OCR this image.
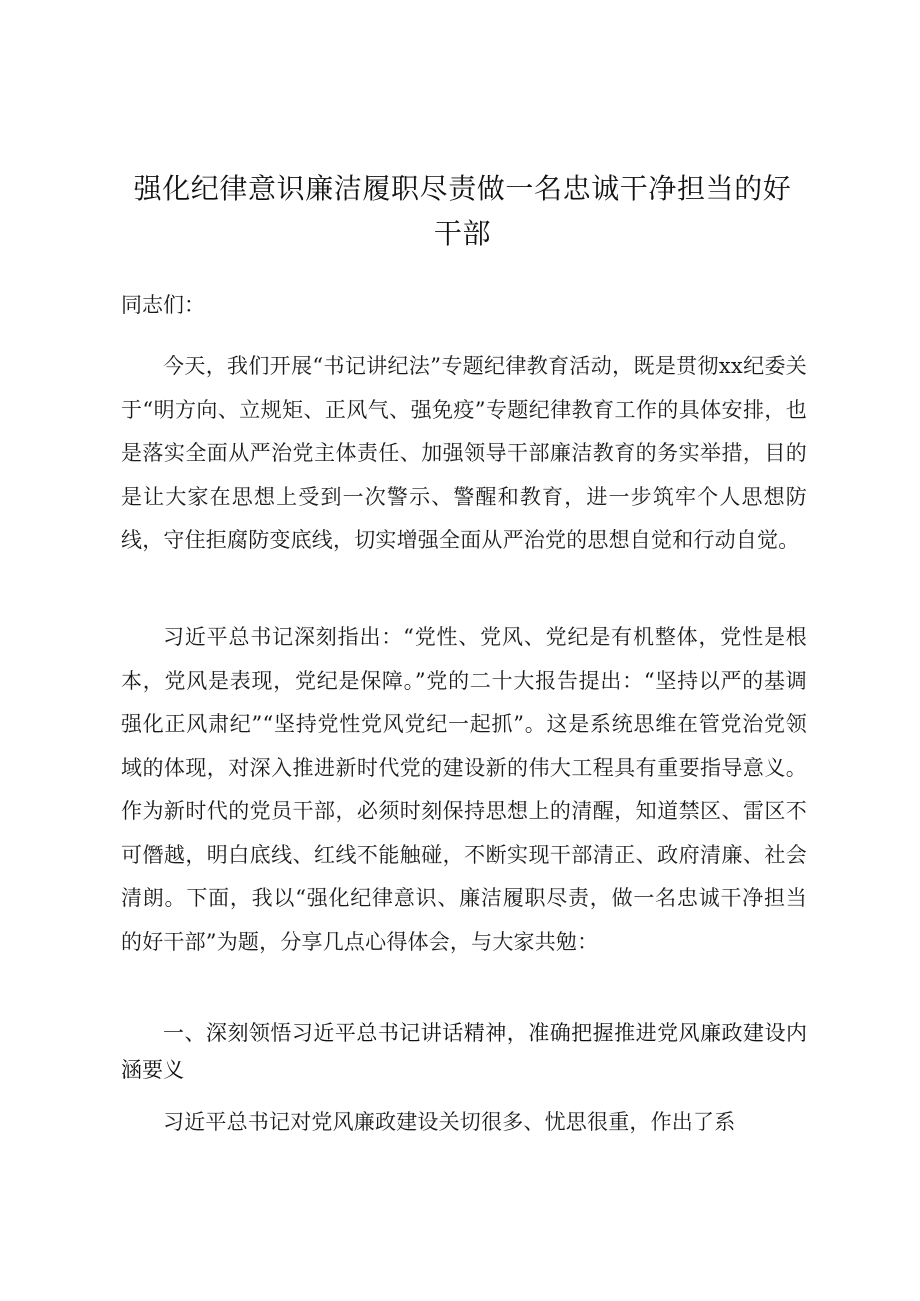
强化纪律意识廉洁履职尽责做一名忠诚干净担当的好干部

同志们：

今天，我们开展“书记讲纪法”专题纪律教育活动，既是贯彻xx纪委关于“明方向、立规矩、正风气、强免疫”专题纪律教育工作的具体安排，也是落实全面从严治党主体责任、加强领导干部廉洁教育的务实举措，目的是让大家在思想上受到一次警示、警醒和教育，进一步筑牢个人思想防线，守住拒腐防变底线，切实增强全面从严治党的思想自觉和行动自觉。

习近平总书记深刻指出：“党性、党风、党纪是有机整体，党性是根本，党风是表现，党纪是保障。”党的二十大报告提出：“坚持以严的基调强化正风肃纪”“坚持党性党风党纪一起抓”。这是系统思维在管党治党领域的体现，对深入推进新时代党的建设新的伟大工程具有重要指导意义。作为新时代的党员干部，必须时刻保持思想上的清醒，知道禁区、雷区不可僭越，明白底线、红线不能触碰，不断实现干部清正、政府清廉、社会清朗。下面，我以“强化纪律意识、廉洁履职尽责，做一名忠诚干净担当的好干部”为题，分享几点心得体会，与大家共勉：

一、深刻领悟习近平总书记讲话精神，准确把握推进党风廉政建设内涵要义

习近平总书记对党风廉政建设关切很多、忧思很重，作出了系
